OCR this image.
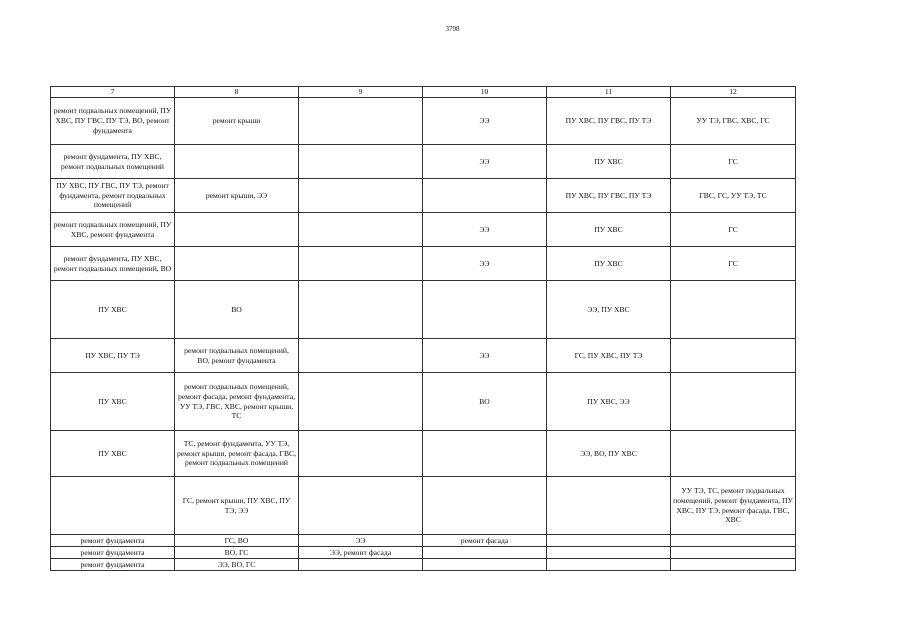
3798
7	8	9	10	11	12
ремонт подвальных помещений, ПУ ХВС, ПУ ГВС, ПУ ТЭ, ВО, ремонт фундамента	ремонт крыши		ЭЭ	ПУ ХВС, ПУ ГВС, ПУ ТЭ	УУ ТЭ, ГВС, ХВС, ГС
ремонт фундамента, ПУ ХВС, ремонт подвальных помещений			ЭЭ	ПУ ХВС	ГС
ПУ ХВС, ПУ ГВС, ПУ ТЭ, ремонт фундамента, ремонт подвальных помещений	ремонт крыши, ЭЭ			ПУ ХВС, ПУ ГВС, ПУ ТЭ	ГВС, ГС, УУ ТЭ, ТС
ремонт подвальных помещений, ПУ ХВС, ремонт фундамента			ЭЭ	ПУ ХВС	ГС
ремонт фундамента, ПУ ХВС, ремонт подвальных помещений, ВО			ЭЭ	ПУ ХВС	ГС
ПУ ХВС	ВО			ЭЭ, ПУ ХВС	
ПУ ХВС, ПУ ТЭ	ремонт подвальных помещений, ВО, ремонт фундамента		ЭЭ	ГС, ПУ ХВС, ПУ ТЭ	
ПУ ХВС	ремонт подвальных помещений, ремонт фасада, ремонт фундамента, УУ ТЭ, ГВС, ХВС, ремонт крыши, ТС		ВО	ПУ ХВС, ЭЭ	
ПУ ХВС	ТС, ремонт фундамента, УУ ТЭ, ремонт крыши, ремонт фасада, ГВС, ремонт подвальных помещений			ЭЭ, ВО, ПУ ХВС	
	ГС, ремонт крыши, ПУ ХВС, ПУ ТЭ, ЭЭ				УУ ТЭ, ТС, ремонт подвальных помещений, ремонт фундамента, ПУ ХВС, ПУ ТЭ, ремонт фасада, ГВС, ХВС
ремонт фундамента	ГС, ВО	ЭЭ	ремонт фасада		
ремонт фундамента	ВО, ГС	ЭЭ, ремонт фасада			
ремонт фундамента	ЭЭ, ВО, ГС				
